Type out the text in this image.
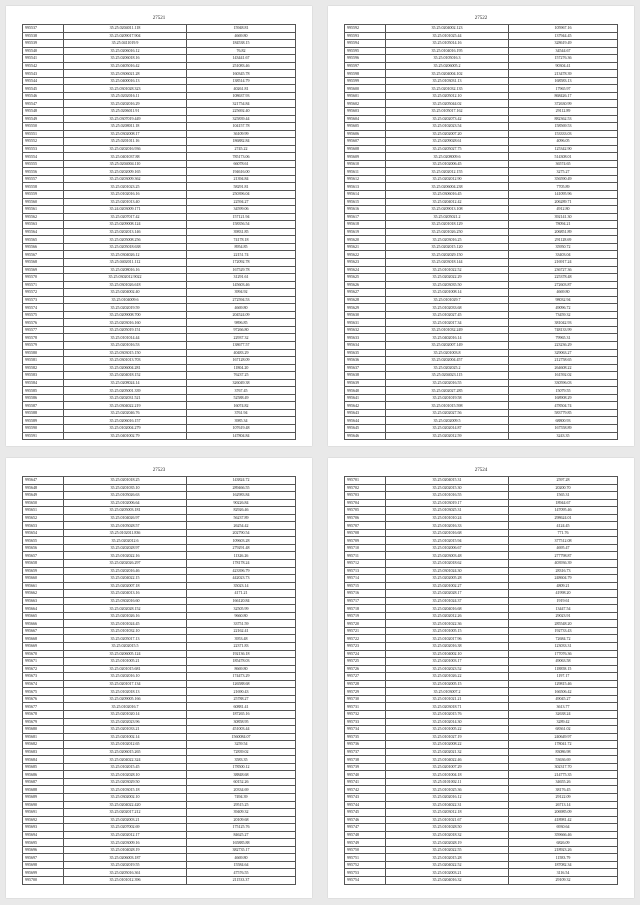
27521
995537	35.25.0204011.118	15948.81
995538	35.25.0209017.904	4669.80
995539	35.25.0411019.9	184538.15
995540	35.25.0206016.12	76.82
995541	35.25.0206018.16	143441.67
995542	35.25.0405016.42	251083.46
995543	35.25.0306021.28	160345.78
995544	35.25.0400016.13	138514.79
995545	35.25.0301028.323	40261.81
995546	35.25.0202016.11	108637.93
995547	35.25.0202016.29	321754.84
995548	35.25.0206011.91	225692.40
995549	35.25.0307019.449	325839.44
995550	35.25.0208011.18	104157.78
995551	35.25.0302008.17	36109.99
995552	35.25.0201011.16	186882.84
995553	35.25.0202016.936	2745.22
995554	35.25.0401037.88	785173.06
995555	35.25.0204004.110	66078.61
995556	35.25.0202009.165	194616.00
995557	35.25.0203009.362	21394.84
995558	35.25.0201023.25	58291.81
995559	35.25.0102016.16	250396.04
995560	35.25.0201013.40	22594.27
995561	35.24.0203009.171	34599.06
995562	35.25.0207017.42	157121.94
995563	35.25.0209008.124	158356.54
995564	35.25.0202013.146	39831.85
995565	35.25.0205008.256	74178.18
995566	35.25.0205018.638	8954.85
995567	35.25.0304026.12	22151.74
995568	35.25.0402011.112	172092.78
995569	35.25.0208016.16	167529.78
995570	35.25.0302012.9022	31291.61
995571	35.25.0301026.618	145603.46
995572	35.25.0204002.40	3994.92
995573	35.25.0104009.6	272594.53
995574	35.25.0202019.59	4669.80
995575	35.25.0209008.700	204524.09
995576	35.25.0203016.160	9896.85
995577	35.25.0205019.151	97266.80
995578	35.25.0101014.44	22937.32
995579	35.25.0201016.53	138677.57
995580	35.25.0303015.150	40483.29
995581	35.25.0301013.703	167128.09
995582	35.25.0206004.281	11804.20
995583	35.25.0204018.152	76237.25
995584	35.25.0208024.14	326049.38
995585	35.25.0205001.339	3767.45
995586	35.25.0202031.521	52588.49
995587	35.25.0304022.219	16074.82
995588	35.25.0202046.76	3761.94
995589	35.25.0206016.157	3985.34
995590	35.25.0102004.279	107619.48
995591	35.25.0401002.79	147804.84
27522
995592	35.25.0204002.123	105967.16
995593	35.25.0101025.44	137944.45
995594	35.25.0105014.16	328619.49
995595	35.25.0104016.195	34544.67
995596	35.25.0105016.3	157276.36
995597	35.25.0206005.2	90304.41
995598	35.25.0204004.102	213478.39
995599	35.25.0103031.13	168583.13
995600	35.25.0201032.135	17965.97
995601	35.25.0205012.10	868426.17
995602	35.25.0205044.02	372630.99
995603	35.25.0105017.162	29112.89
995604	35.25.0202073.42	882362.53
995605	35.25.0102023.54	158569.53
995606	35.25.0202007.20	153333.03
995607	35.25.0209028.61	4096.05
995608	35.25.0205027.75	125342.90
995609	35.25.0208009.6	514308.01
995610	35.25.0102006.45	36574.65
995611	35.25.0202012.155	3275.27
995612	35.25.0202012.90	356590.49
995613	35.25.0206004.238	7705.89
995614	35.25.0306016.45	141095.96
995615	35.25.0204012.42	206289.71
995616	35.25.0209013.108	4912.80
995617	35.25.0205021.2	392141.30
995618	35.25.0201018.129	78094.21
995619	35.25.0201026.250	206851.89
995620	35.25.0203016.25	291128.69
995621	35.25.0202015.120	35950.72
995622	35.25.0202029.150	33403.04
995623	35.25.0203018.144	216917.24
995624	35.25.0101022.52	236727.36
995625	35.25.0202022.29	225378.48
995626	35.25.0203035.50	272603.87
995627	35.25.0201008.14	4669.80
995628	35.25.0101029.7	98032.94
995629	35.25.0102033.68	49096.72
995630	35.25.0102027.45	73459.32
995631	35.25.0102017.34	381042.93
995632	35.25.0101032.249	748133.99
995633	35.25.0402016.14	79965.31
995634	35.25.0202007.149	223236.29
995635	35.25.0201003.8	329063.27
995636	35.25.0202004.457	212758.65
995637	35.25.0202025.2	264608.22
995638	35.25.0204023.115	161592.02
995639	35.25.0202016.55	330596.03
995640	35.25.0202027.285	15079.55
995641	35.25.0201019.58	168908.29
995642	35.25.0101015.598	478504.74
995643	35.25.0202027.56	583779.85
995644	35.25.0202009.5	68800.93
995645	35.25.0202014.87	167558.89
995646	35.25.0202012.59	3243.35
27523
995647	35.25.0201018.25	143824.72
995648	35.25.0201035.10	289466.55
995649	35.25.0105026.63	162983.84
995650	35.25.0102006.64	90226.84
995651	35.25.0205003.181	82926.46
995652	35.25.0104026.97	56237.89
995653	35.25.0105028.57	26254.42
995654	35.25.0102011.836	202790.54
995655	35.25.0202012.6	109603.28
995656	35.25.0202028.97	279291.48
995657	35.25.0102022.16	11326.26
995658	35.25.0202026.297	178178.24
995659	35.25.0202016.46	423396.79
995660	35.25.0204022.15	442023.73
995661	35.25.0202007.18	35023.14
995662	35.25.0204013.16	4171.21
995663	35.25.0302016.60	166120.84
995664	35.25.0202028.152	32505.99
995665	35.25.0201026.16	9660.80
995666	35.25.0101024.45	33751.59
995667	35.25.0101032.10	22162.41
995668	35.25.0205017.13	3953.48
995669	35.25.0202015.5	22371.83
995670	35.25.0206005.124	192136.18
995671	35.25.0101005.21	185478.03
995672	35.25.0201015.681	8669.80
995673	35.25.0202016.10	174473.29
995674	35.25.0201017.134	126588.68
995675	35.25.0102018.13	21690.43
995676	35.25.0209005.166	25788.27
995677	35.25.0102016.7	60881.41
995678	35.25.0201020.14	187265.16
995679	35.25.0202023.96	30858.95
995680	35.25.0201033.21	451003.44
995681	35.25.0201002.14	1560084.07
995682	35.25.0102012.65	3259.54
995683	35.25.0206015.265	72839.02
995684	35.25.0204022.324	3583.35
995685	35.25.0102015.45	178500.12
995686	35.25.0102028.10	38848.68
995687	35.25.0203029.50	60152.26
995688	35.25.0103015.18	20334.69
995689	35.25.0302002.10	7494.39
995690	35.25.0204022.420	29515.25
995691	35.25.0202017.212	39409.32
995692	35.25.0202003.21	20109.68
995693	35.25.0207002.69	175125.76
995694	35.25.0202012.17	84625.27
995695	35.25.0203009.16	165885.88
995696	35.25.0104028.19	382735.17
995697	35.25.0206003.187	4669.80
995698	35.25.0202019.55	15584.64
995699	35.25.0205016.361	47576.55
995700	35.25.0101012.396	211533.37
27524
995701	35.25.0204015.31	2597.28
995702	35.25.0202015.30	20200.70
995703	35.25.0101016.55	1565.31
995704	35.25.0103019.17	18944.67
995705	35.25.0103025.31	147095.46
995706	35.25.0101010.24	298624.01
995707	35.25.0102016.33	4124.45
995708	35.25.0201016.68	771.76
995709	35.25.0102015.94	377512.08
995710	35.25.0102006.67	4695.47
995711	35.25.0203003.48	277798.87
995712	35.25.0102018.62	403936.39
995713	35.25.0301024.30	28316.73
995714	35.25.0202005.28	248604.79
995715	35.25.0201002.27	4809.21
995716	35.25.0202028.17	41998.20
995717	35.25.0101024.37	1919.61
995718	35.25.0204016.68	13447.54
995719	35.25.0202012.26	29023.91
995720	35.25.0101022.36	285548.20
995721	35.25.0101005.15	192733.43
995722	35.25.0102017.96	72684.72
995723	35.25.0202016.38	123033.31
995724	35.25.0104002.10	177076.36
995725	35.25.0201003.17	49063.58
995726	35.25.0102023.52	118858.15
995727	35.25.0201026.22	1197.17
995728	35.25.0102005.15	129815.46
995729	35.25.0103007.2	166506.42
995730	35.25.0101021.21	49045.27
995731	35.25.0203018.71	3613.77
995732	35.25.0102015.76	32638.24
995733	35.25.0102014.30	3289.42
995734	35.25.0101005.22	68361.02
995735	35.25.0101027.19	240649.97
995736	35.25.0102008.22	178041.72
995737	35.25.0202021.32	83086.98
995738	35.25.0104022.46	53636.69
995739	35.25.0201007.29	302317.70
995740	35.25.0101004.18	214775.35
995741	35.25.0101002.11	34655.26
995742	35.25.0101025.36	38176.45
995743	35.25.0202016.12	29122.09
995744	35.25.0104022.31	26713.14
995745	35.25.0203012.18	206985.09
995746	35.25.0101021.67	418981.42
995747	35.25.0101028.50	6930.64
995748	35.25.0102018.32	359666.46
995749	35.25.0202028.19	6826.09
995750	35.25.0102022.55	218923.26
995751	35.25.0102015.28	11583.79
995752	35.25.0204022.52	187082.34
995753	35.25.0102003.21	3116.54
995754	35.25.0204016.32	29109.32
